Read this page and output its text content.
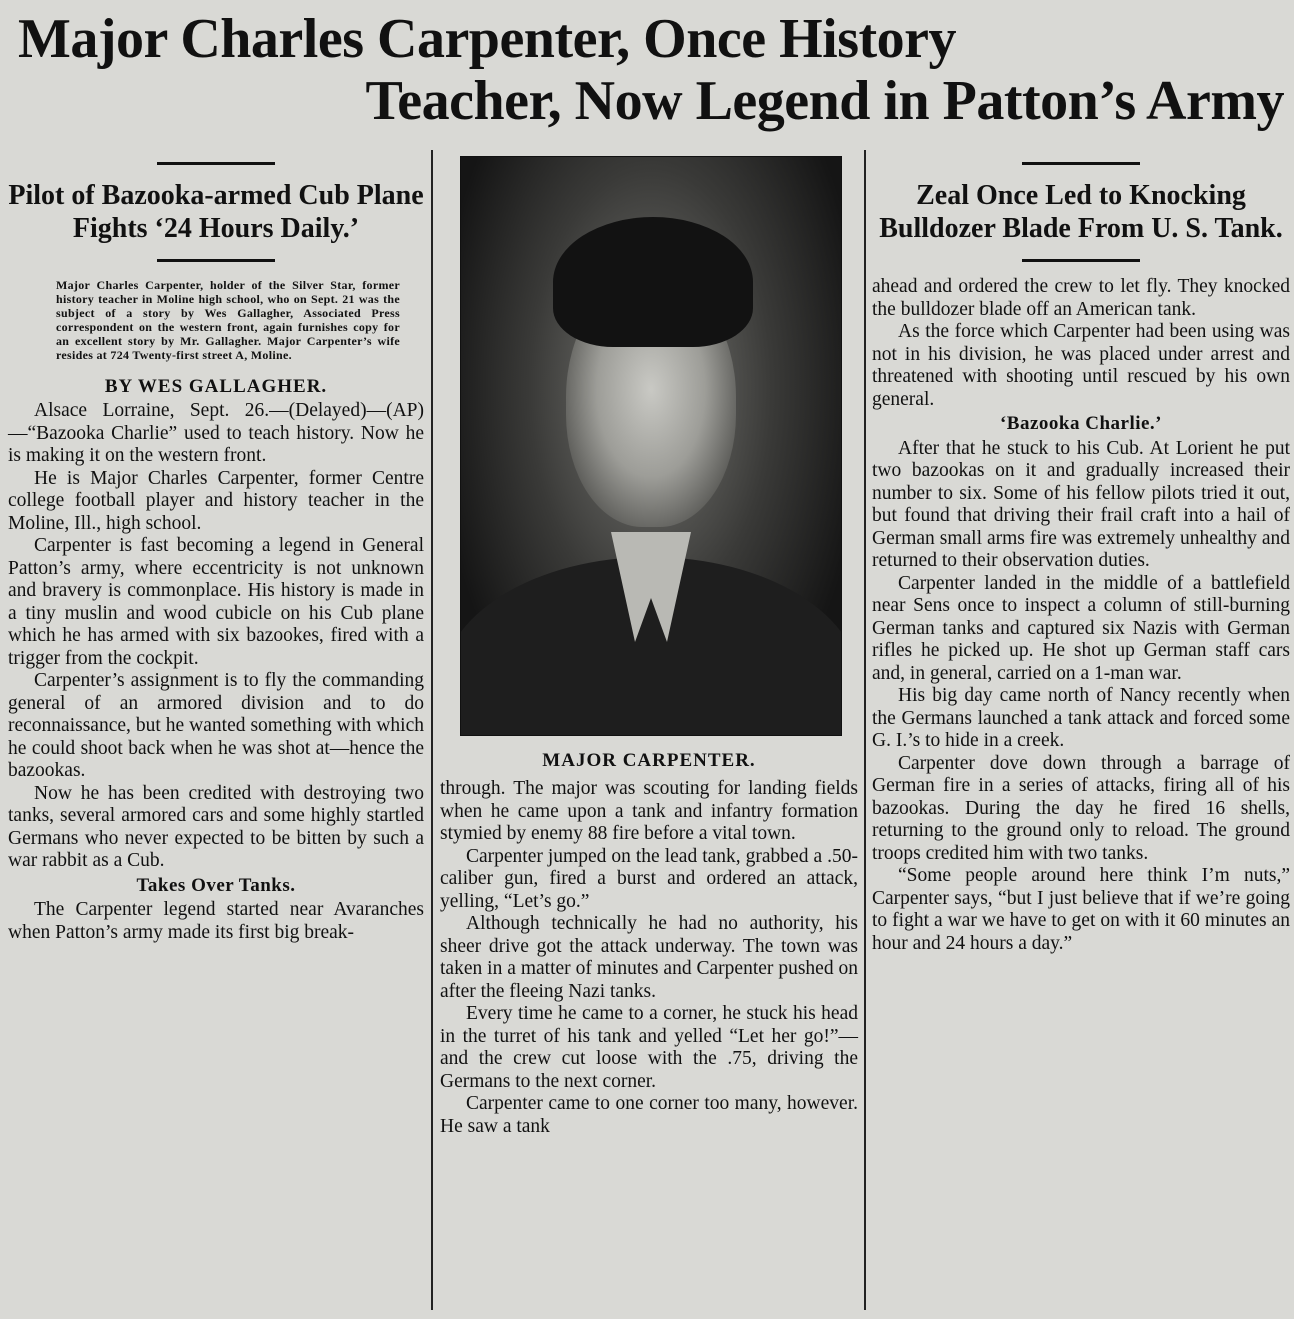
Major Charles Carpenter, Once History
Teacher, Now Legend in Patton’s Army

Pilot of Bazooka-armed Cub Plane Fights ‘24 Hours Daily.’

Major Charles Carpenter, holder of the Silver Star, former history teacher in Moline high school, who on Sept. 21 was the subject of a story by Wes Gallagher, Associated Press correspondent on the western front, again furnishes copy for an excellent story by Mr. Gallagher. Major Carpenter’s wife resides at 724 Twenty-first street A, Moline.

BY WES GALLAGHER.

Alsace Lorraine, Sept. 26.—(Delayed)—(AP)—“Bazooka Charlie” used to teach history. Now he is making it on the western front.

He is Major Charles Carpenter, former Centre college football player and history teacher in the Moline, Ill., high school.

Carpenter is fast becoming a legend in General Patton’s army, where eccentricity is not unknown and bravery is commonplace. His history is made in a tiny muslin and wood cubicle on his Cub plane which he has armed with six bazookes, fired with a trigger from the cockpit.

Carpenter’s assignment is to fly the commanding general of an armored division and to do reconnaissance, but he wanted something with which he could shoot back when he was shot at—hence the bazookas.

Now he has been credited with destroying two tanks, several armored cars and some highly startled Germans who never expected to be bitten by such a war rabbit as a Cub.

Takes Over Tanks.

The Carpenter legend started near Avaranches when Patton’s army made its first big break-

MAJOR CARPENTER.

through. The major was scouting for landing fields when he came upon a tank and infantry formation stymied by enemy 88 fire before a vital town.

Carpenter jumped on the lead tank, grabbed a .50-caliber gun, fired a burst and ordered an attack, yelling, “Let’s go.”

Although technically he had no authority, his sheer drive got the attack underway. The town was taken in a matter of minutes and Carpenter pushed on after the fleeing Nazi tanks.

Every time he came to a corner, he stuck his head in the turret of his tank and yelled “Let her go!”—and the crew cut loose with the .75, driving the Germans to the next corner.

Carpenter came to one corner too many, however. He saw a tank

Zeal Once Led to Knocking Bulldozer Blade From U. S. Tank.

ahead and ordered the crew to let fly. They knocked the bulldozer blade off an American tank.

As the force which Carpenter had been using was not in his division, he was placed under arrest and threatened with shooting until rescued by his own general.

‘Bazooka Charlie.’

After that he stuck to his Cub. At Lorient he put two bazookas on it and gradually increased their number to six. Some of his fellow pilots tried it out, but found that driving their frail craft into a hail of German small arms fire was extremely unhealthy and returned to their observation duties.

Carpenter landed in the middle of a battlefield near Sens once to inspect a column of still-burning German tanks and captured six Nazis with German rifles he picked up. He shot up German staff cars and, in general, carried on a 1-man war.

His big day came north of Nancy recently when the Germans launched a tank attack and forced some G. I.’s to hide in a creek.

Carpenter dove down through a barrage of German fire in a series of attacks, firing all of his bazookas. During the day he fired 16 shells, returning to the ground only to reload. The ground troops credited him with two tanks.

“Some people around here think I’m nuts,” Carpenter says, “but I just believe that if we’re going to fight a war we have to get on with it 60 minutes an hour and 24 hours a day.”
